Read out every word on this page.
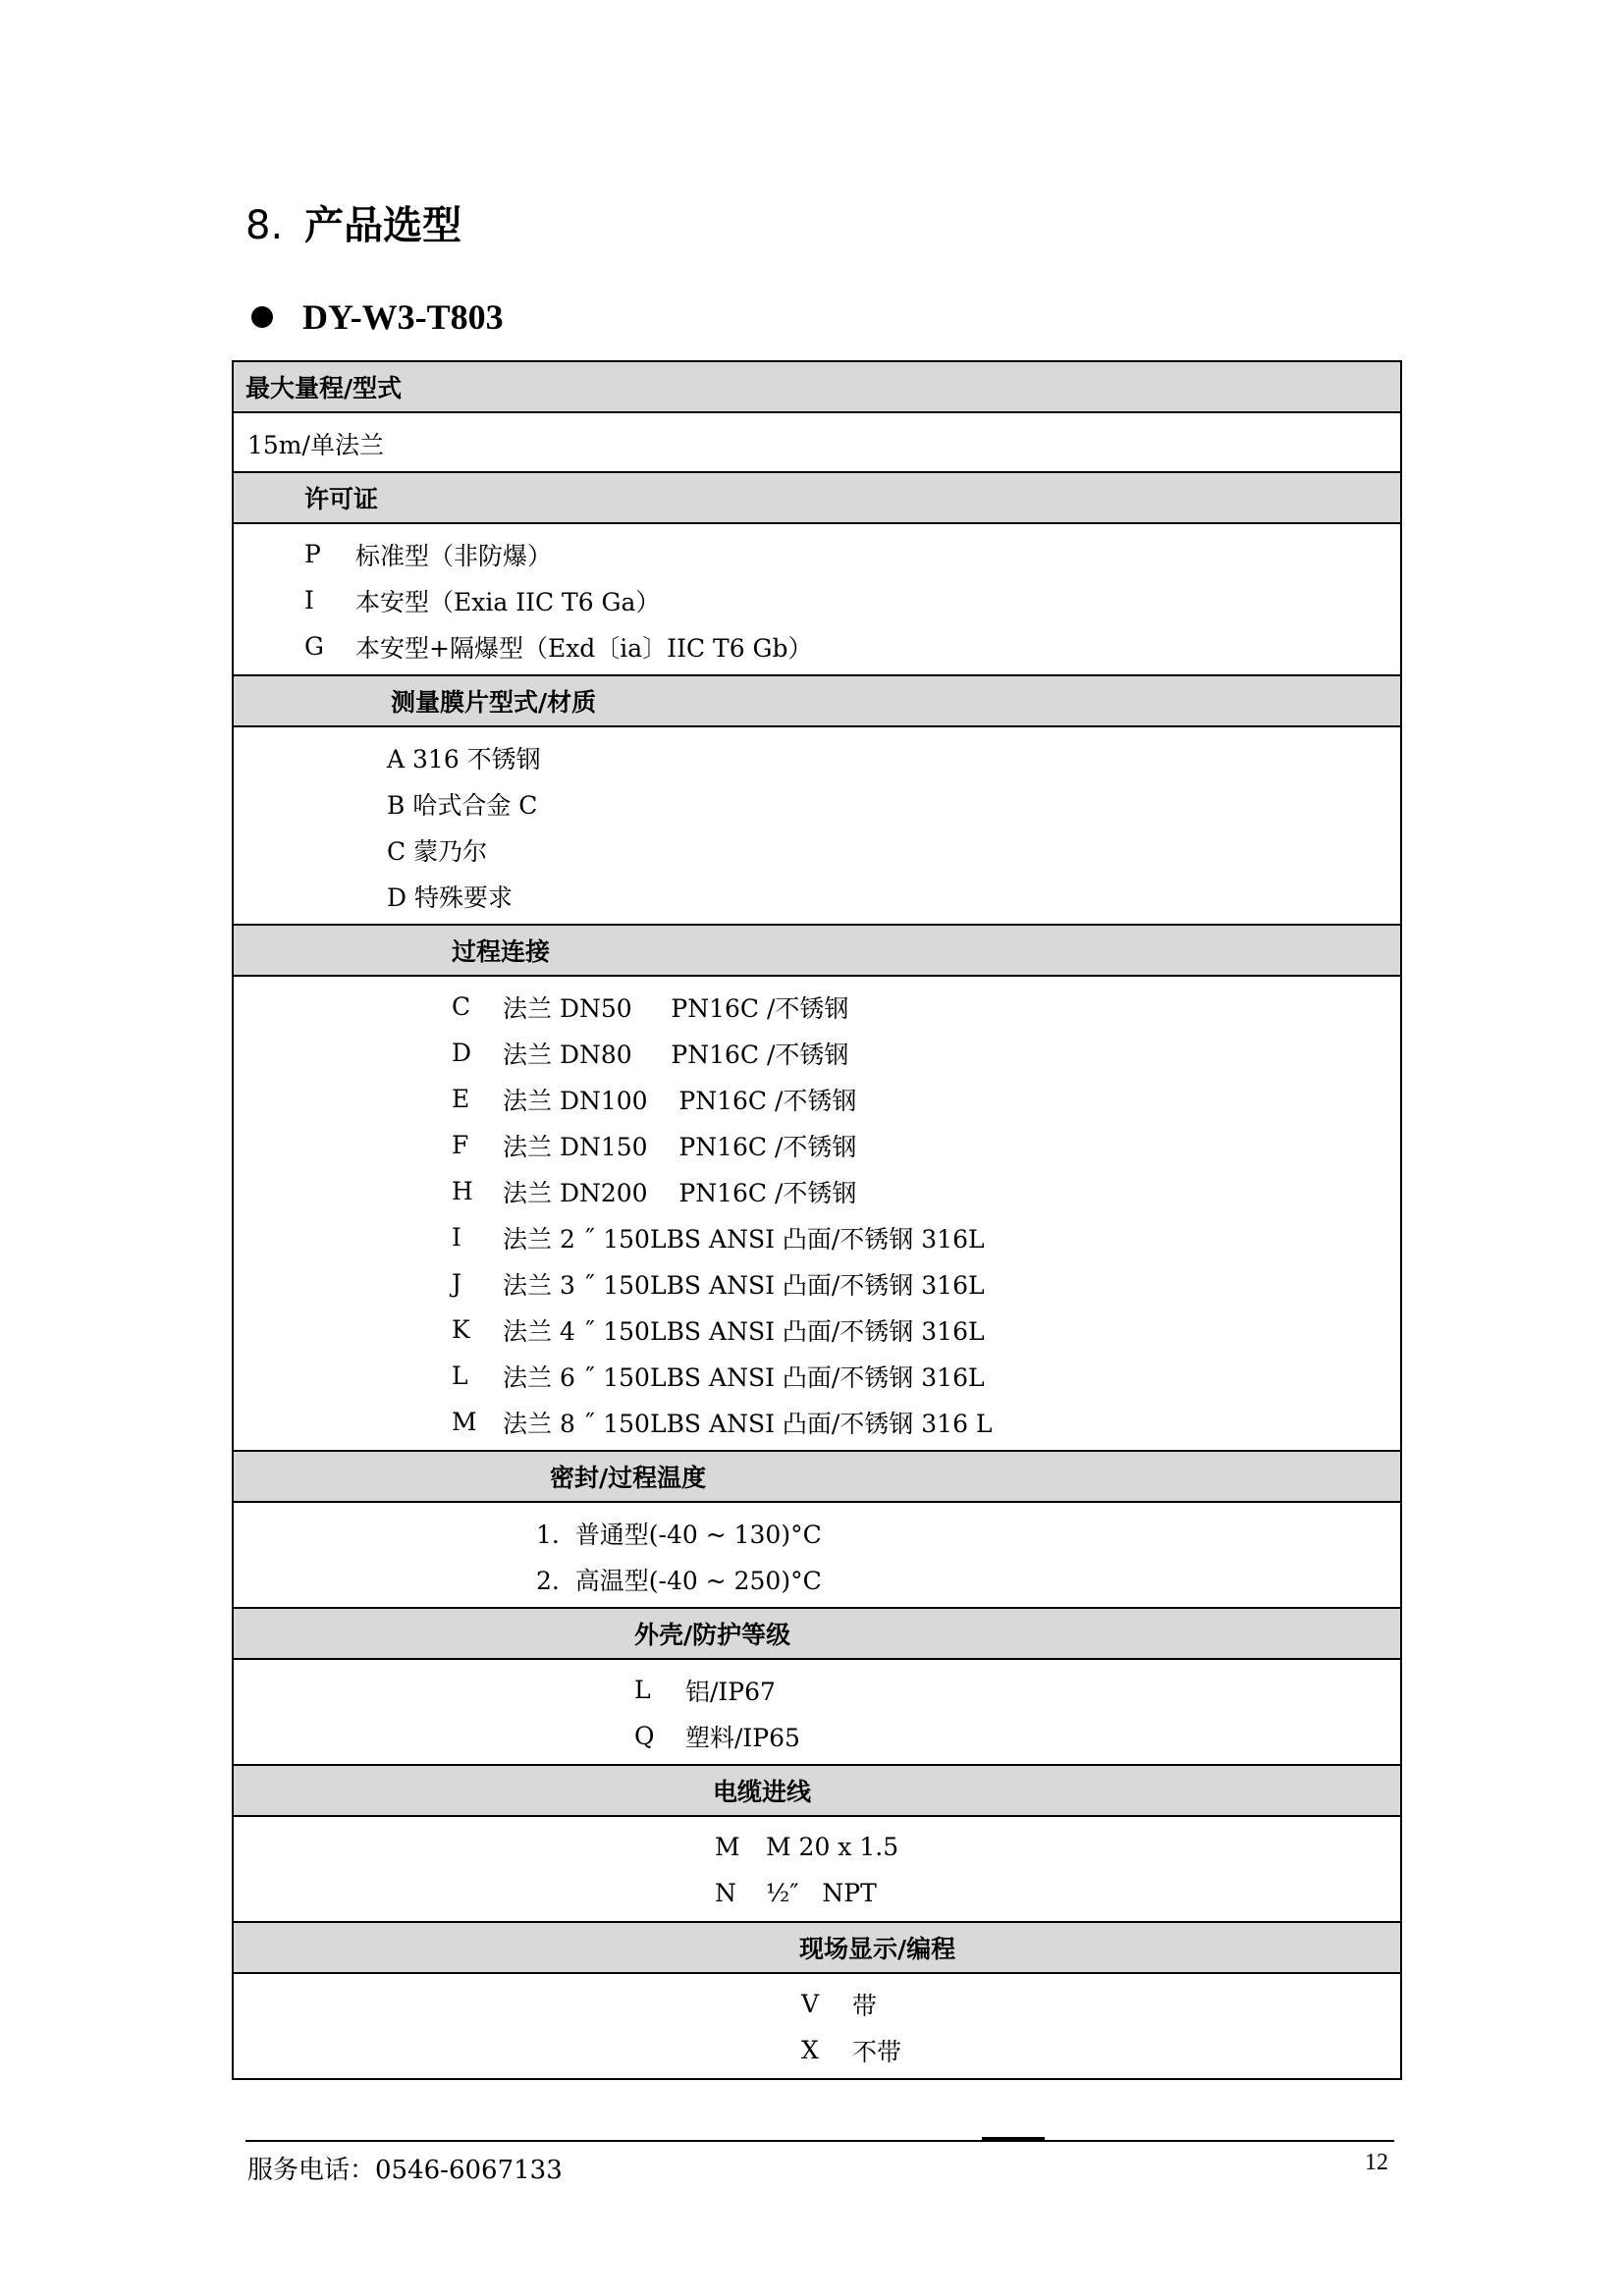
8. 产品选型
DY-W3-T803
最大量程/型式
15m/单法兰
许可证
P	标准型（非防爆）
I	本安型（Exia IIC T6 Ga）
G	本安型+隔爆型（Exd〔ia〕IIC T6 Gb）
测量膜片型式/材质
A 316 不锈钢
B 哈式合金 C
C 蒙乃尔
D 特殊要求
过程连接
C	法兰 DN50     PN16C /不锈钢
D	法兰 DN80     PN16C /不锈钢
E	法兰 DN100    PN16C /不锈钢
F	法兰 DN150    PN16C /不锈钢
H	法兰 DN200    PN16C /不锈钢
I	法兰 2 ˝ 150LBS ANSI 凸面/不锈钢 316L
J	法兰 3 ˝ 150LBS ANSI 凸面/不锈钢 316L
K	法兰 4 ˝ 150LBS ANSI 凸面/不锈钢 316L
L	法兰 6 ˝ 150LBS ANSI 凸面/不锈钢 316L
M	法兰 8 ˝ 150LBS ANSI 凸面/不锈钢 316 L
密封/过程温度
1.  普通型(-40 ~ 130)°C
2.  高温型(-40 ~ 250)°C
外壳/防护等级
L	铝/IP67
Q	塑料/IP65
电缆进线
M	M 20 x 1.5
N	½″   NPT
现场显示/编程
V	带
X	不带
服务电话：0546-6067133	12
